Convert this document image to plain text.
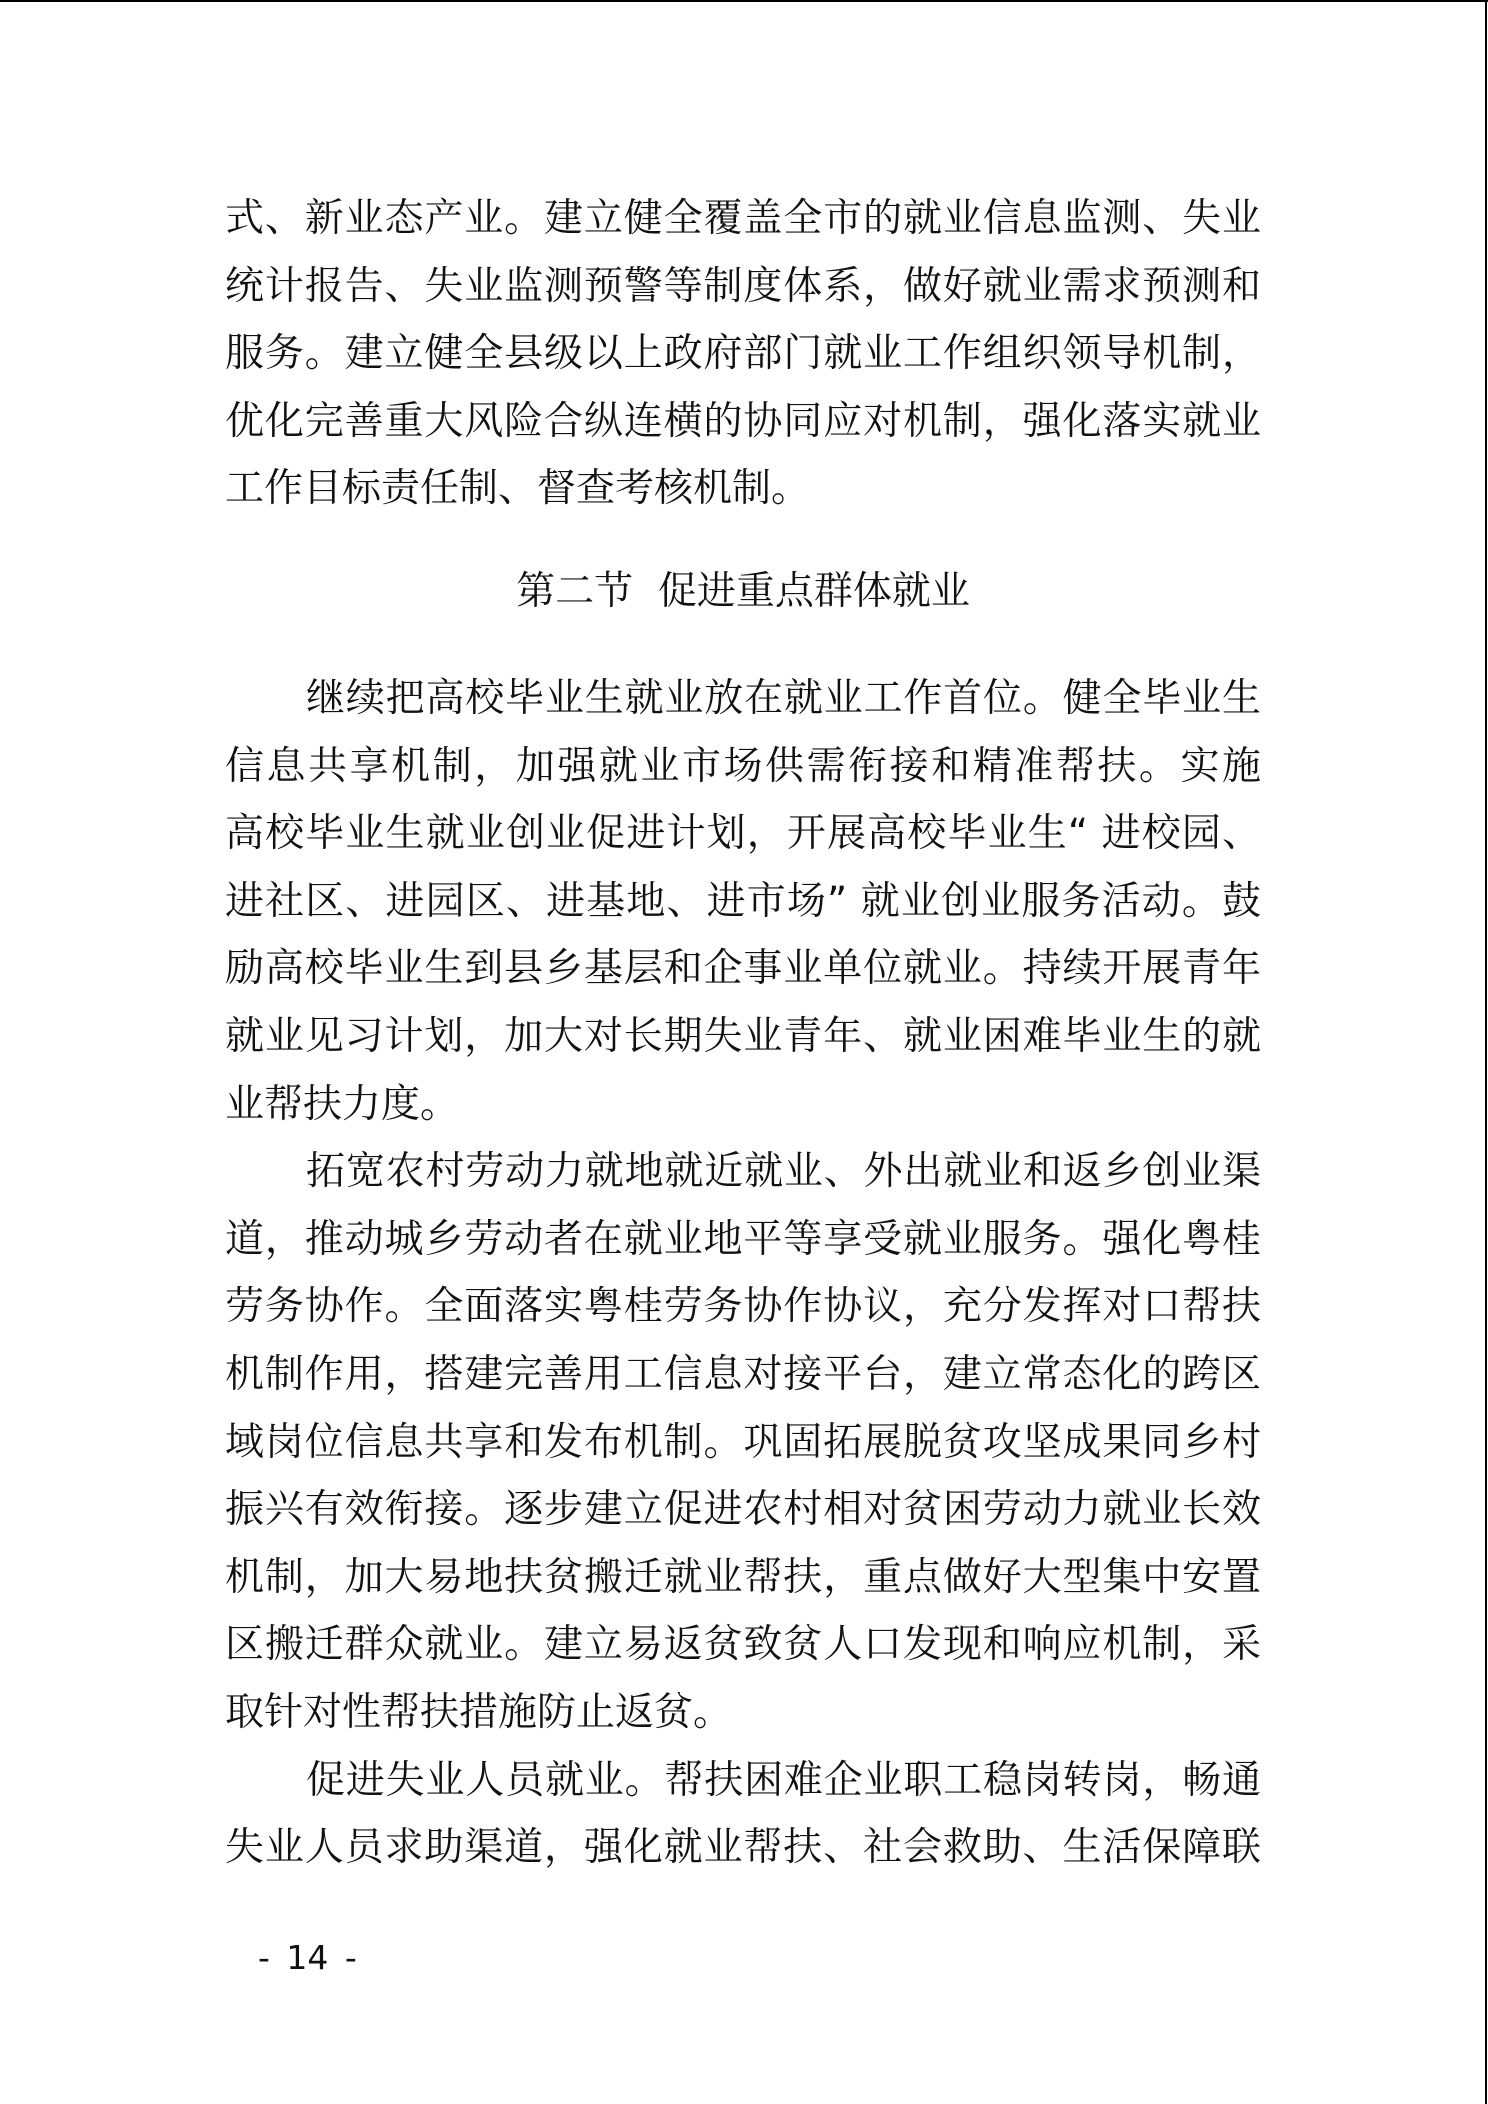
式、新业态产业。建立健全覆盖全市的就业信息监测、失业
统计报告、失业监测预警等制度体系，做好就业需求预测和
服务。建立健全县级以上政府部门就业工作组织领导机制，
优化完善重大风险合纵连横的协同应对机制，强化落实就业
工作目标责任制、督查考核机制。
第二节  促进重点群体就业
继续把高校毕业生就业放在就业工作首位。健全毕业生
信息共享机制，加强就业市场供需衔接和精准帮扶。实施
高校毕业生就业创业促进计划，开展高校毕业生“ 进校园、
进社区、进园区、进基地、进市场” 就业创业服务活动。鼓
励高校毕业生到县乡基层和企事业单位就业。持续开展青年
就业见习计划，加大对长期失业青年、就业困难毕业生的就
业帮扶力度。
拓宽农村劳动力就地就近就业、外出就业和返乡创业渠
道，推动城乡劳动者在就业地平等享受就业服务。强化粤桂
劳务协作。全面落实粤桂劳务协作协议，充分发挥对口帮扶
机制作用，搭建完善用工信息对接平台，建立常态化的跨区
域岗位信息共享和发布机制。巩固拓展脱贫攻坚成果同乡村
振兴有效衔接。逐步建立促进农村相对贫困劳动力就业长效
机制，加大易地扶贫搬迁就业帮扶，重点做好大型集中安置
区搬迁群众就业。建立易返贫致贫人口发现和响应机制，采
取针对性帮扶措施防止返贫。
促进失业人员就业。帮扶困难企业职工稳岗转岗，畅通
失业人员求助渠道，强化就业帮扶、社会救助、生活保障联
- 14 -
